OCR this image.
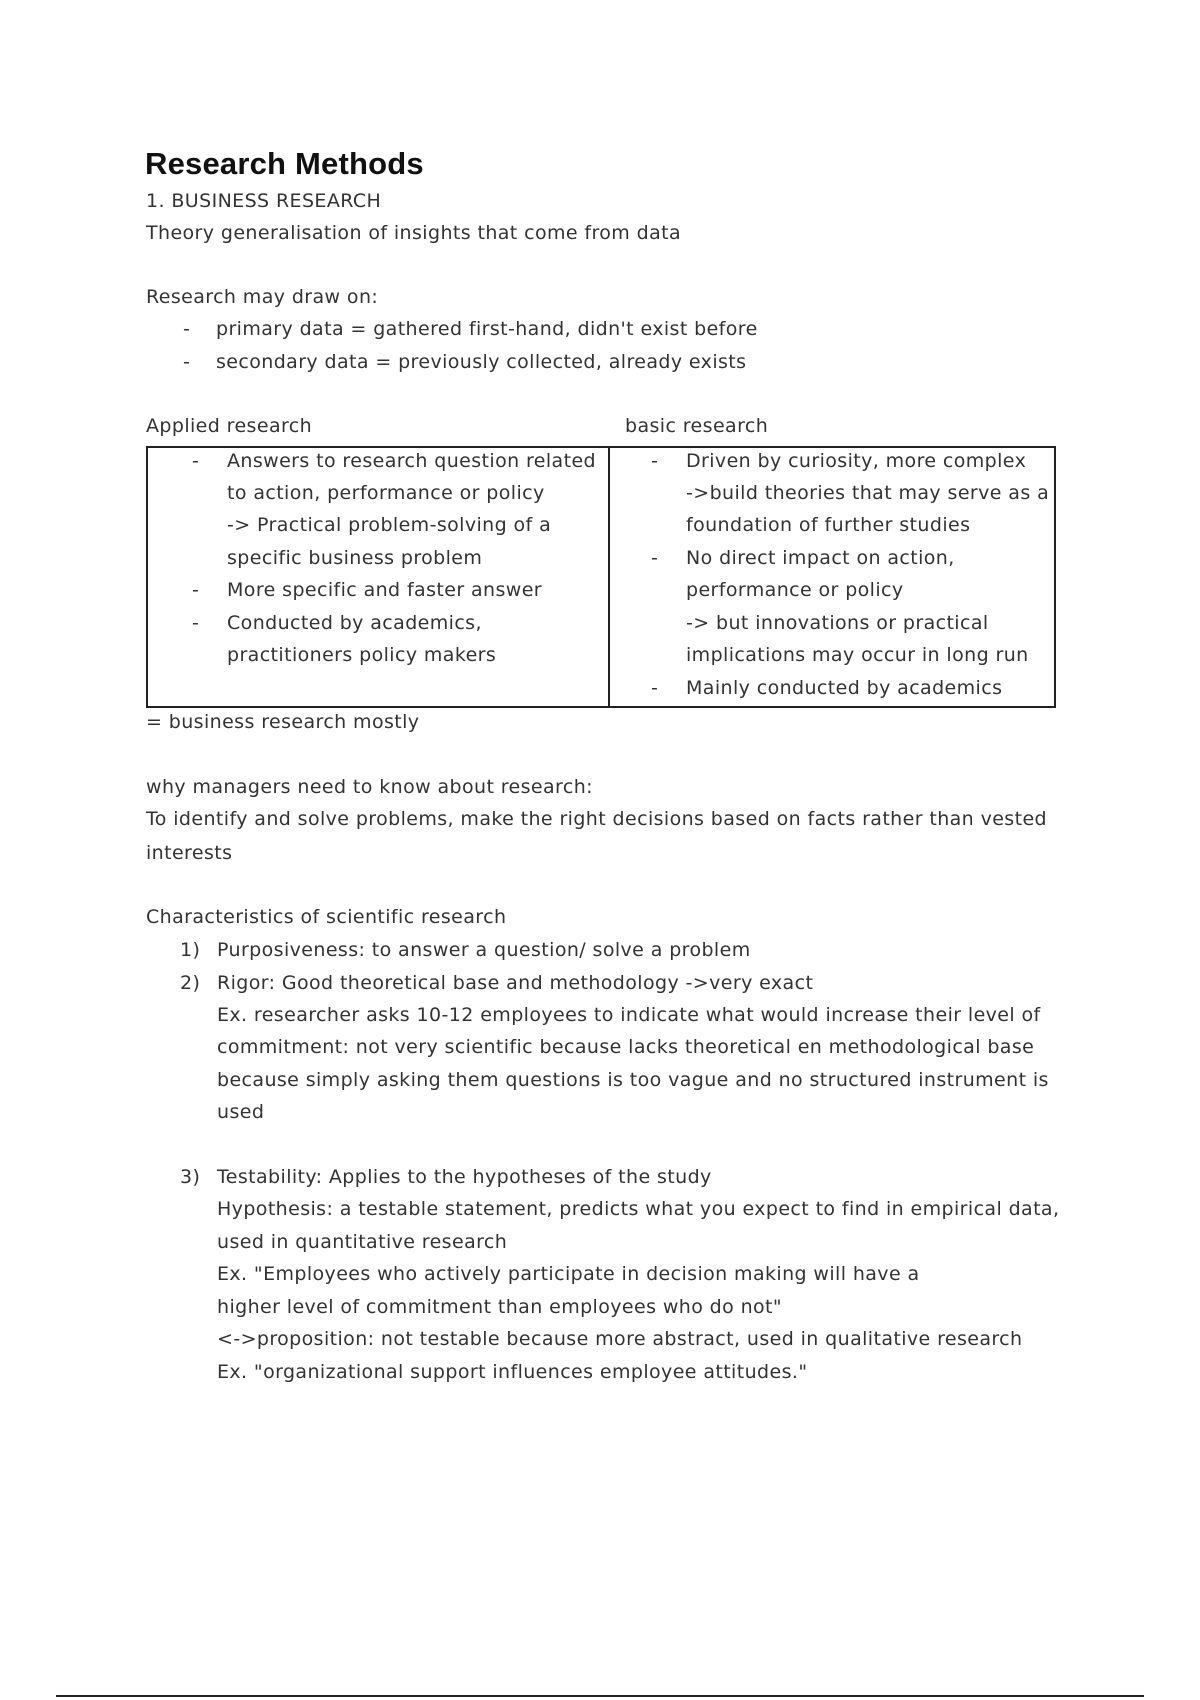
Research Methods
1. BUSINESS RESEARCH
Theory generalisation of insights that come from data
Research may draw on:
- primary data = gathered first-hand, didn't exist before
- secondary data = previously collected, already exists
Applied research	basic research
- Answers to research question related
to action, performance or policy
-> Practical problem-solving of a
specific business problem
- More specific and faster answer
- Conducted by academics,
practitioners policy makers
- Driven by curiosity, more complex
->build theories that may serve as a
foundation of further studies
- No direct impact on action,
performance or policy
-> but innovations or practical
implications may occur in long run
- Mainly conducted by academics
= business research mostly
why managers need to know about research:
To identify and solve problems, make the right decisions based on facts rather than vested
interests
Characteristics of scientific research
1) Purposiveness: to answer a question/ solve a problem
2) Rigor: Good theoretical base and methodology ->very exact
Ex. researcher asks 10-12 employees to indicate what would increase their level of
commitment: not very scientific because lacks theoretical en methodological base
because simply asking them questions is too vague and no structured instrument is
used
3) Testability: Applies to the hypotheses of the study
Hypothesis: a testable statement, predicts what you expect to find in empirical data,
used in quantitative research
Ex. "Employees who actively participate in decision making will have a
higher level of commitment than employees who do not"
<->proposition: not testable because more abstract, used in qualitative research
Ex. "organizational support influences employee attitudes."
